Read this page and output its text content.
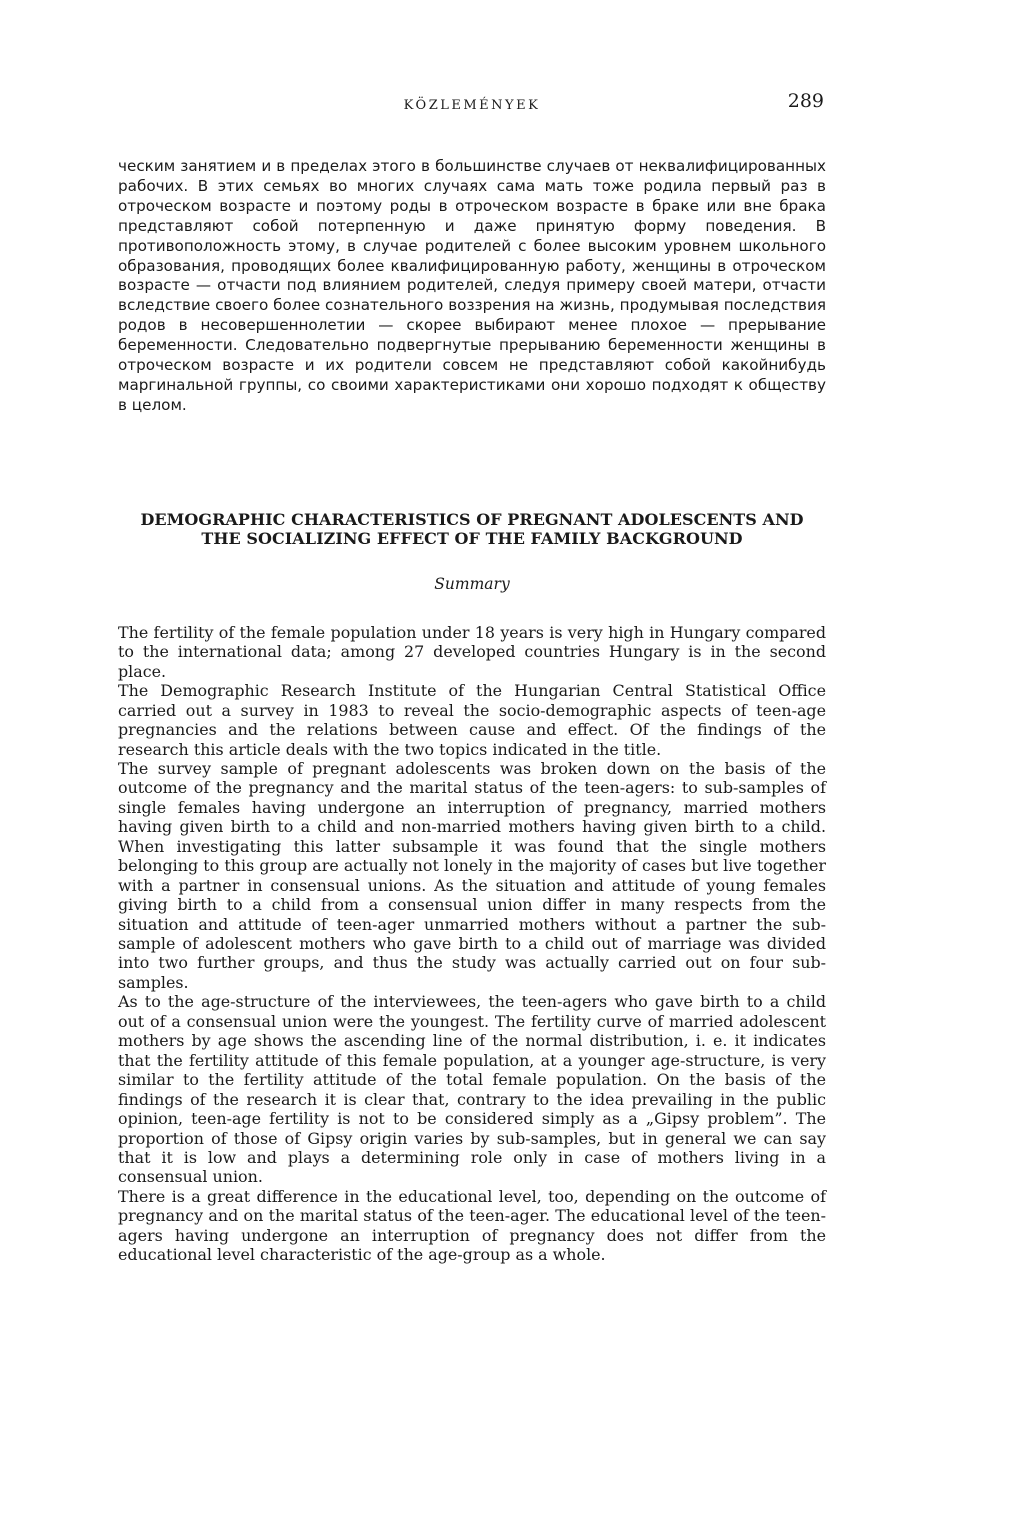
KÖZLEMÉNYEK	289

ческим занятием и в пределах этого в большинстве случаев от неквалифицированных рабочих. В этих семьях во многих случаях сама мать тоже родила первый раз в отроческом возрасте и поэтому роды в отроческом возрасте в браке или вне брака представляют собой потерпенную и даже принятую форму поведения. В противоположность этому, в случае родителей с более высоким уровнем школьного образования, проводящих более квалифицированную работу, женщины в отроческом возрасте — отчасти под влиянием родителей, следуя примеру своей матери, отчасти вследствие своего более сознательного воззрения на жизнь, продумывая последствия родов в несовершеннолетии — скорее выбирают менее плохое — прерывание беременности. Следовательно подвергнутые прерыванию беременности женщины в отроческом возрасте и их родители совсем не представляют собой какойнибудь маргинальной группы, со своими характеристиками они хорошо подходят к обществу в целом.

DEMOGRAPHIC CHARACTERISTICS OF PREGNANT ADOLESCENTS AND
THE SOCIALIZING EFFECT OF THE FAMILY BACKGROUND
Summary

The fertility of the female population under 18 years is very high in Hungary compared to the international data; among 27 developed countries Hungary is in the second place.

The Demographic Research Institute of the Hungarian Central Statistical Office carried out a survey in 1983 to reveal the socio-demographic aspects of teen-age pregnancies and the relations between cause and effect. Of the findings of the research this article deals with the two topics indicated in the title.

The survey sample of pregnant adolescents was broken down on the basis of the outcome of the pregnancy and the marital status of the teen-agers: to sub-samples of single females having undergone an interruption of pregnancy, married mothers having given birth to a child and non-married mothers having given birth to a child. When investigating this latter subsample it was found that the single mothers belonging to this group are actually not lonely in the majority of cases but live together with a partner in consensual unions. As the situation and attitude of young females giving birth to a child from a consensual union differ in many respects from the situation and attitude of teen-ager unmarried mothers without a partner the sub-sample of adolescent mothers who gave birth to a child out of marriage was divided into two further groups, and thus the study was actually carried out on four sub-samples.

As to the age-structure of the interviewees, the teen-agers who gave birth to a child out of a consensual union were the youngest. The fertility curve of married adolescent mothers by age shows the ascending line of the normal distribution, i. e. it indicates that the fertility attitude of this female population, at a younger age-structure, is very similar to the fertility attitude of the total female population. On the basis of the findings of the research it is clear that, contrary to the idea prevailing in the public opinion, teen-age fertility is not to be considered simply as a „Gipsy problem”. The proportion of those of Gipsy origin varies by sub-samples, but in general we can say that it is low and plays a determining role only in case of mothers living in a consensual union.

There is a great difference in the educational level, too, depending on the outcome of pregnancy and on the marital status of the teen-ager. The educational level of the teen-agers having undergone an interruption of pregnancy does not differ from the educational level characteristic of the age-group as a whole.
